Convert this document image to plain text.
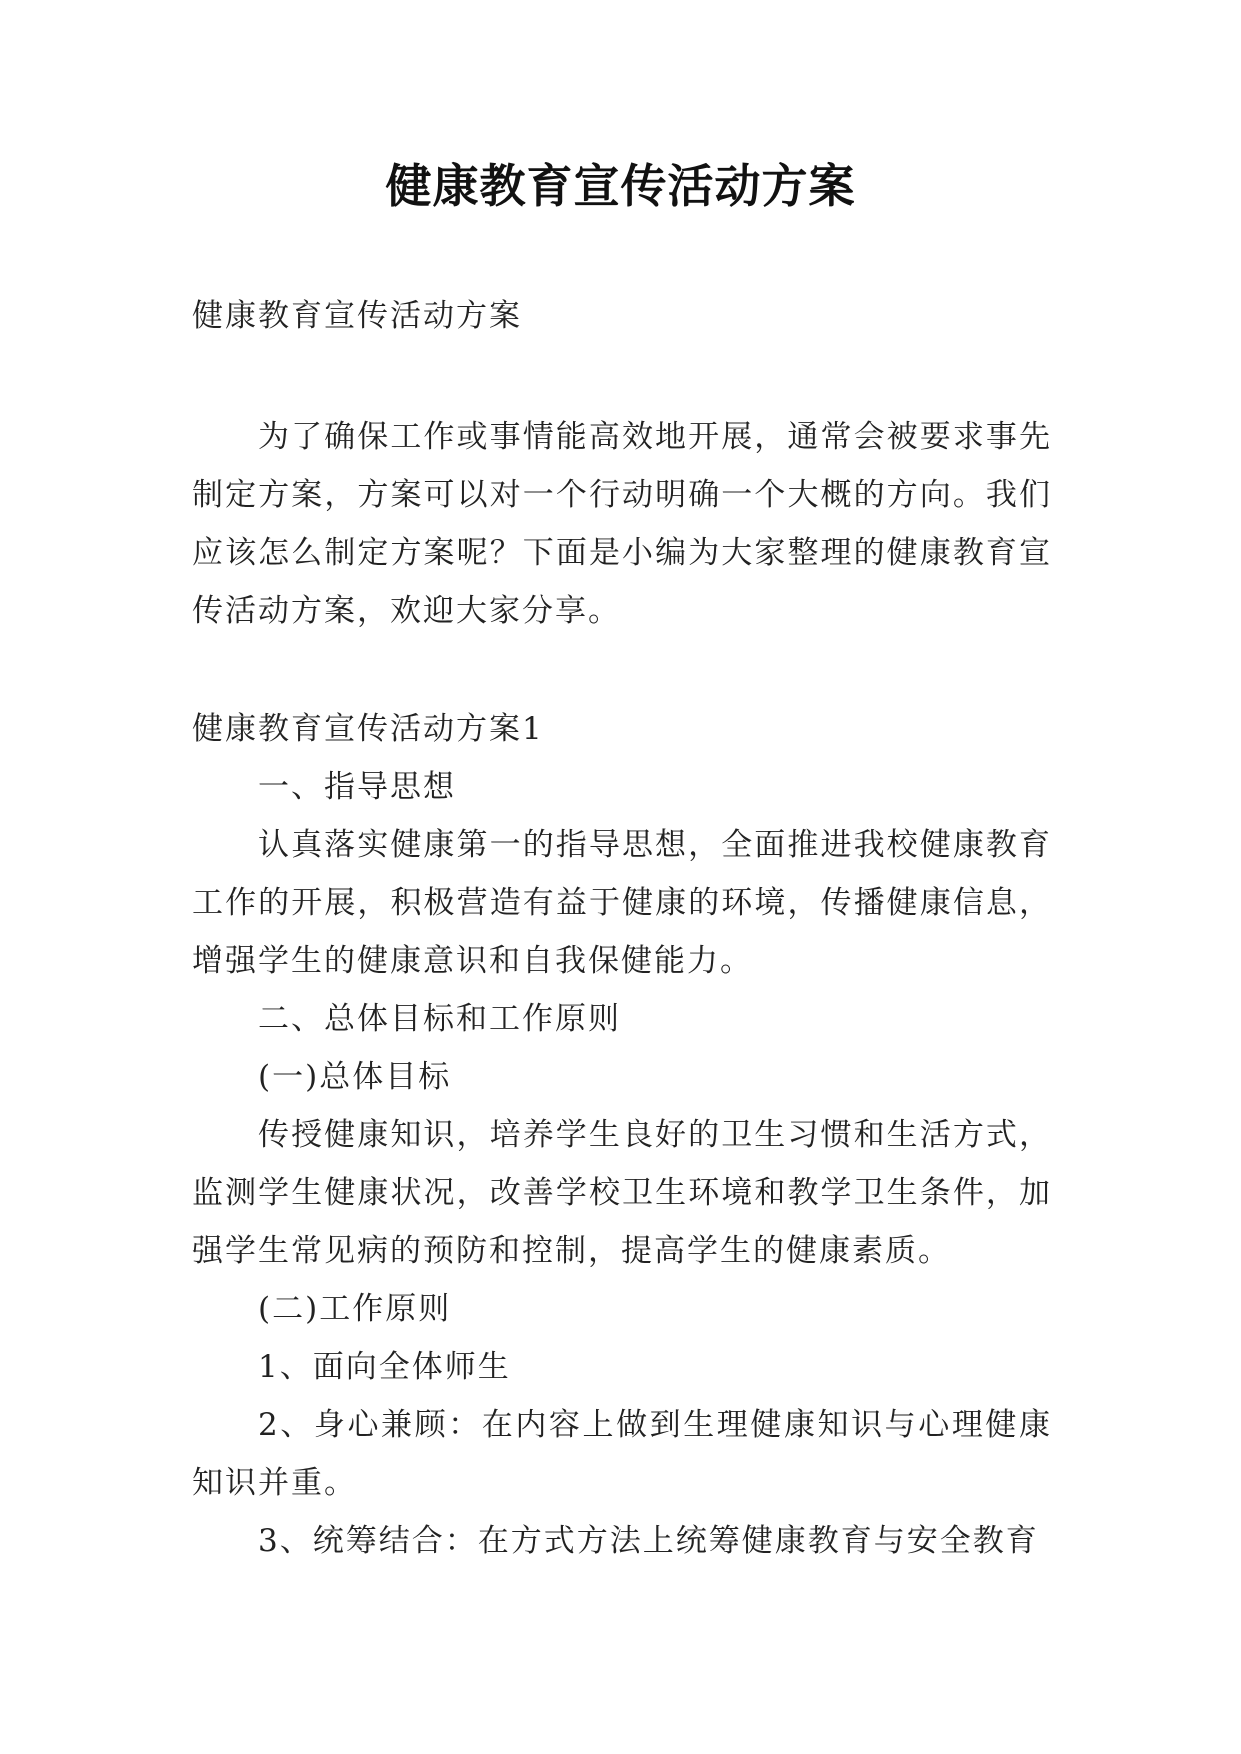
健康教育宣传活动方案
健康教育宣传活动方案

为了确保工作或事情能高效地开展，通常会被要求事先制定方案，方案可以对一个行动明确一个大概的方向。我们应该怎么制定方案呢？下面是小编为大家整理的健康教育宣传活动方案，欢迎大家分享。

健康教育宣传活动方案1

一、指导思想

认真落实健康第一的指导思想，全面推进我校健康教育工作的开展，积极营造有益于健康的环境，传播健康信息，增强学生的健康意识和自我保健能力。

二、总体目标和工作原则

(一)总体目标

传授健康知识，培养学生良好的卫生习惯和生活方式，监测学生健康状况，改善学校卫生环境和教学卫生条件，加强学生常见病的预防和控制，提高学生的健康素质。

(二)工作原则

1、面向全体师生

2、身心兼顾：在内容上做到生理健康知识与心理健康知识并重。

3、统筹结合：在方式方法上统筹健康教育与安全教育
